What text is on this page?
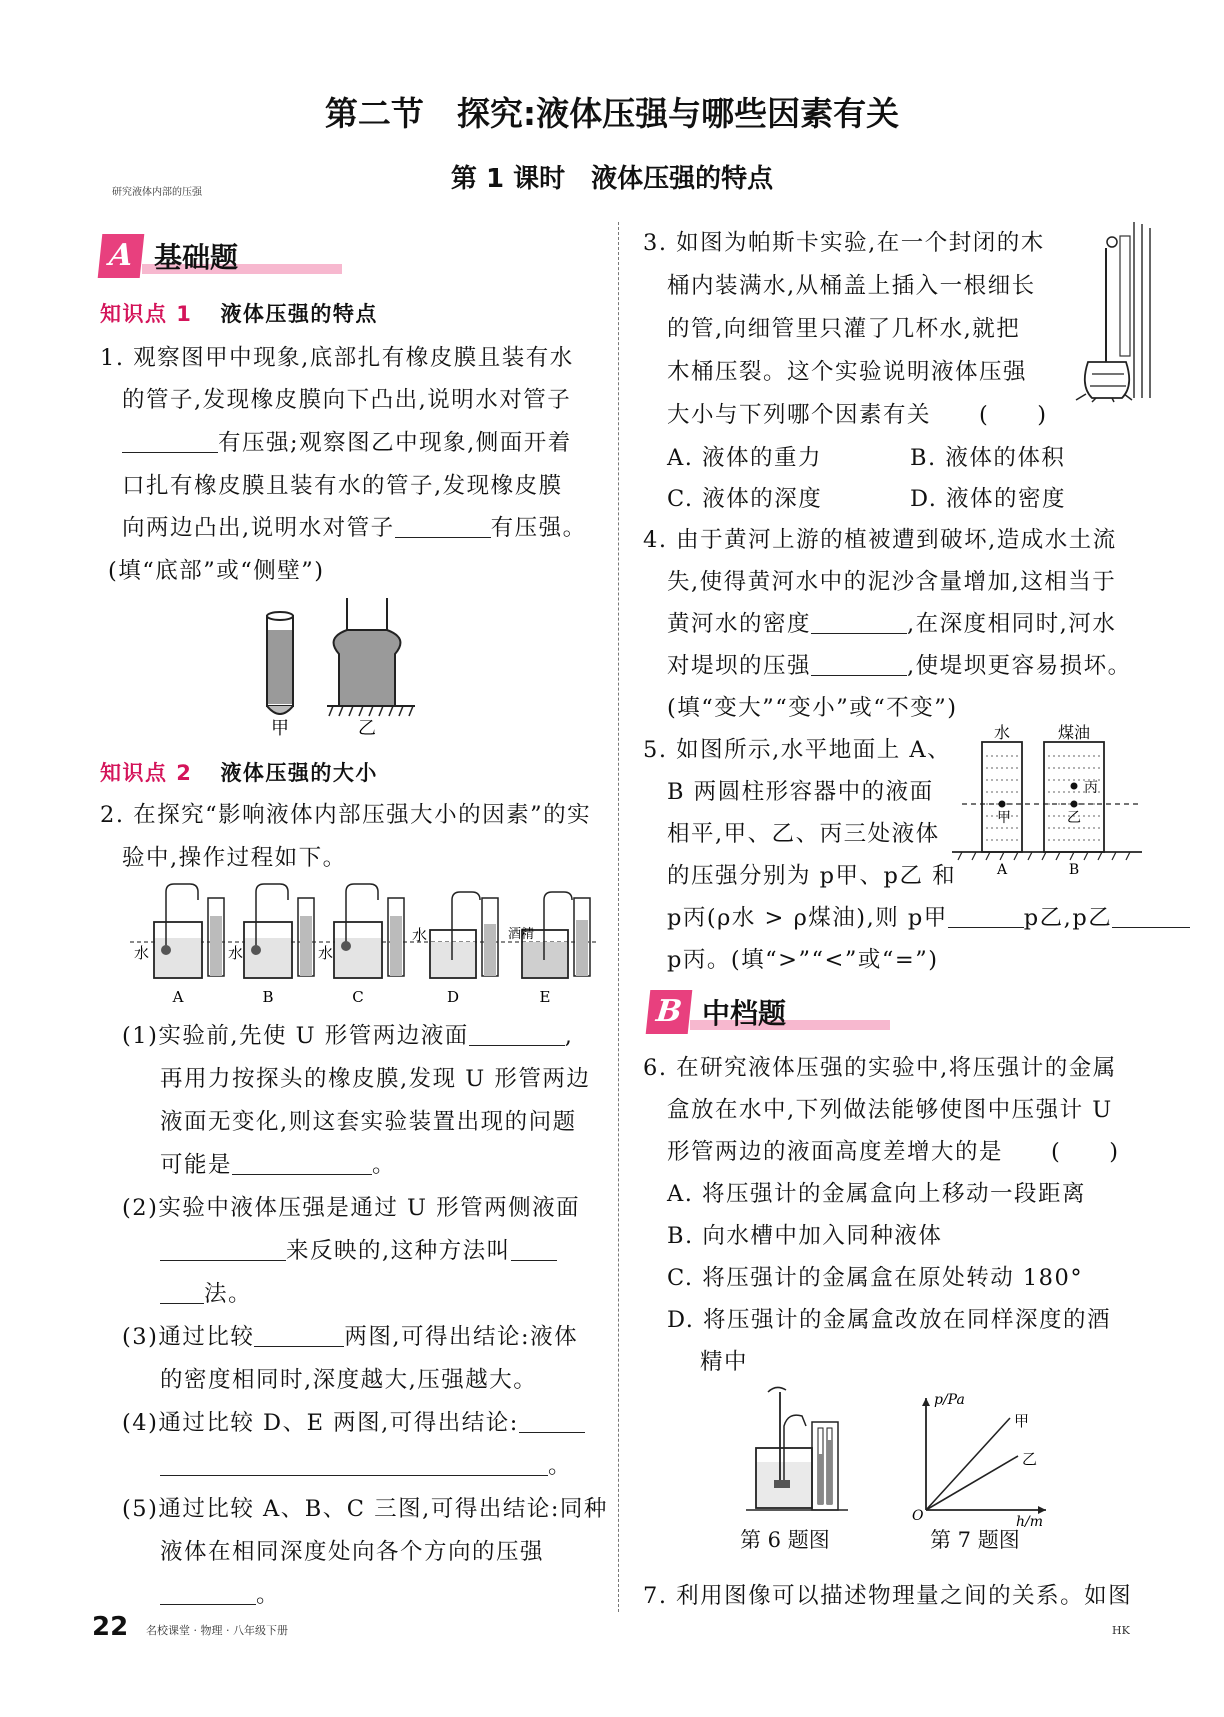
第二节　探究:液体压强与哪些因素有关
第 1 课时　液体压强的特点
研究液体内部的压强
A 基础题
知识点 1 液体压强的特点
1. 观察图甲中现象,底部扎有橡皮膜且装有水
的管子,发现橡皮膜向下凸出,说明水对管子
有压强;观察图乙中现象,侧面开着
口扎有橡皮膜且装有水的管子,发现橡皮膜
向两边凸出,说明水对管子	有压强。
(填“底部”或“侧壁”)
甲	乙
知识点 2 液体压强的大小
2. 在探究“影响液体内部压强大小的因素”的实
验中,操作过程如下。
水	水	水
水	酒精
A	B	C	D	E
(1)实验前,先使 U 形管两边液面	,
再用力按探头的橡皮膜,发现 U 形管两边
液面无变化,则这套实验装置出现的问题
可能是	。
(2)实验中液体压强是通过 U 形管两侧液面
来反映的,这种方法叫
法。
(3)通过比较	两图,可得出结论:液体
的密度相同时,深度越大,压强越大。
(4)通过比较 D、E 两图,可得出结论:
。
(5)通过比较 A、B、C 三图,可得出结论:同种
液体在相同深度处向各个方向的压强
。
3. 如图为帕斯卡实验,在一个封闭的木
桶内装满水,从桶盖上插入一根细长
的管,向细管里只灌了几杯水,就把
木桶压裂。这个实验说明液体压强
大小与下列哪个因素有关　　(　　)
A. 液体的重力	B. 液体的体积
C. 液体的深度	D. 液体的密度
4. 由于黄河上游的植被遭到破坏,造成水土流
失,使得黄河水中的泥沙含量增加,这相当于
黄河水的密度	,在深度相同时,河水
对堤坝的压强	,使堤坝更容易损坏。
(填“变大”“变小”或“不变”)
5. 如图所示,水平地面上 A、
B 两圆柱形容器中的液面
相平,甲、乙、丙三处液体
的压强分别为 p甲、p乙 和
p丙(ρ水 > ρ煤油),则 p甲	p乙,p乙
p丙。(填“>”“<”或“=”)
水	煤油
甲
丙
乙
A	B
B 中档题
6. 在研究液体压强的实验中,将压强计的金属
盒放在水中,下列做法能够使图中压强计 U
形管两边的液面高度差增大的是　　(　　)
A. 将压强计的金属盒向上移动一段距离
B. 向水槽中加入同种液体
C. 将压强计的金属盒在原处转动 180°
D. 将压强计的金属盒改放在同样深度的酒
精中
p/Pa
h/m
O
甲
乙
第 6 题图	第 7 题图
7. 利用图像可以描述物理量之间的关系。如图
22 名校课堂 · 物理 · 八年级下册	HK
